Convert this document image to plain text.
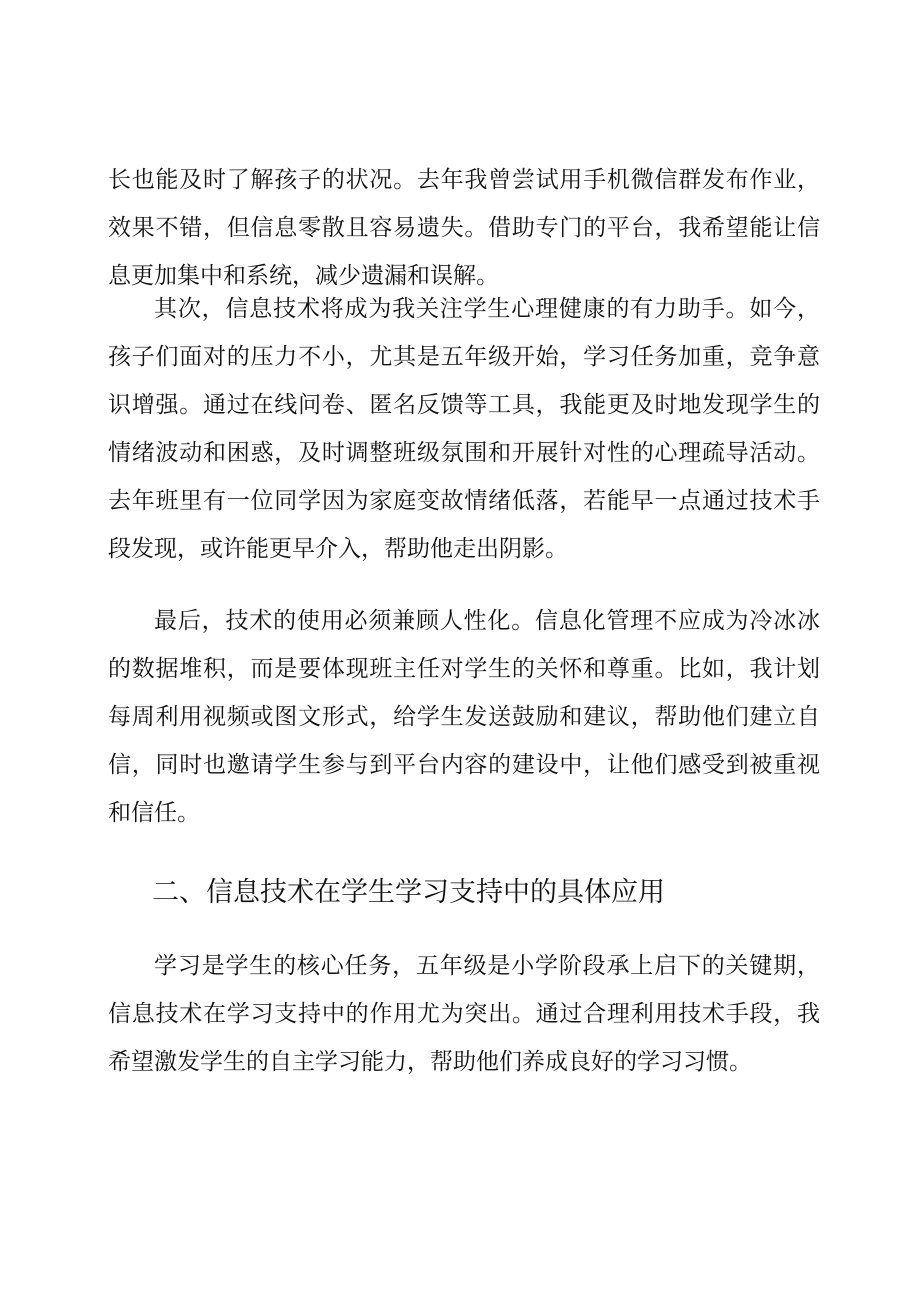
长也能及时了解孩子的状况。去年我曾尝试用手机微信群发布作业，效果不错，但信息零散且容易遗失。借助专门的平台，我希望能让信息更加集中和系统，减少遗漏和误解。

其次，信息技术将成为我关注学生心理健康的有力助手。如今，孩子们面对的压力不小，尤其是五年级开始，学习任务加重，竞争意识增强。通过在线问卷、匿名反馈等工具，我能更及时地发现学生的情绪波动和困惑，及时调整班级氛围和开展针对性的心理疏导活动。去年班里有一位同学因为家庭变故情绪低落，若能早一点通过技术手段发现，或许能更早介入，帮助他走出阴影。

最后，技术的使用必须兼顾人性化。信息化管理不应成为冷冰冰的数据堆积，而是要体现班主任对学生的关怀和尊重。比如，我计划每周利用视频或图文形式，给学生发送鼓励和建议，帮助他们建立自信，同时也邀请学生参与到平台内容的建设中，让他们感受到被重视和信任。

二、信息技术在学生学习支持中的具体应用

学习是学生的核心任务，五年级是小学阶段承上启下的关键期，信息技术在学习支持中的作用尤为突出。通过合理利用技术手段，我希望激发学生的自主学习能力，帮助他们养成良好的学习习惯。
